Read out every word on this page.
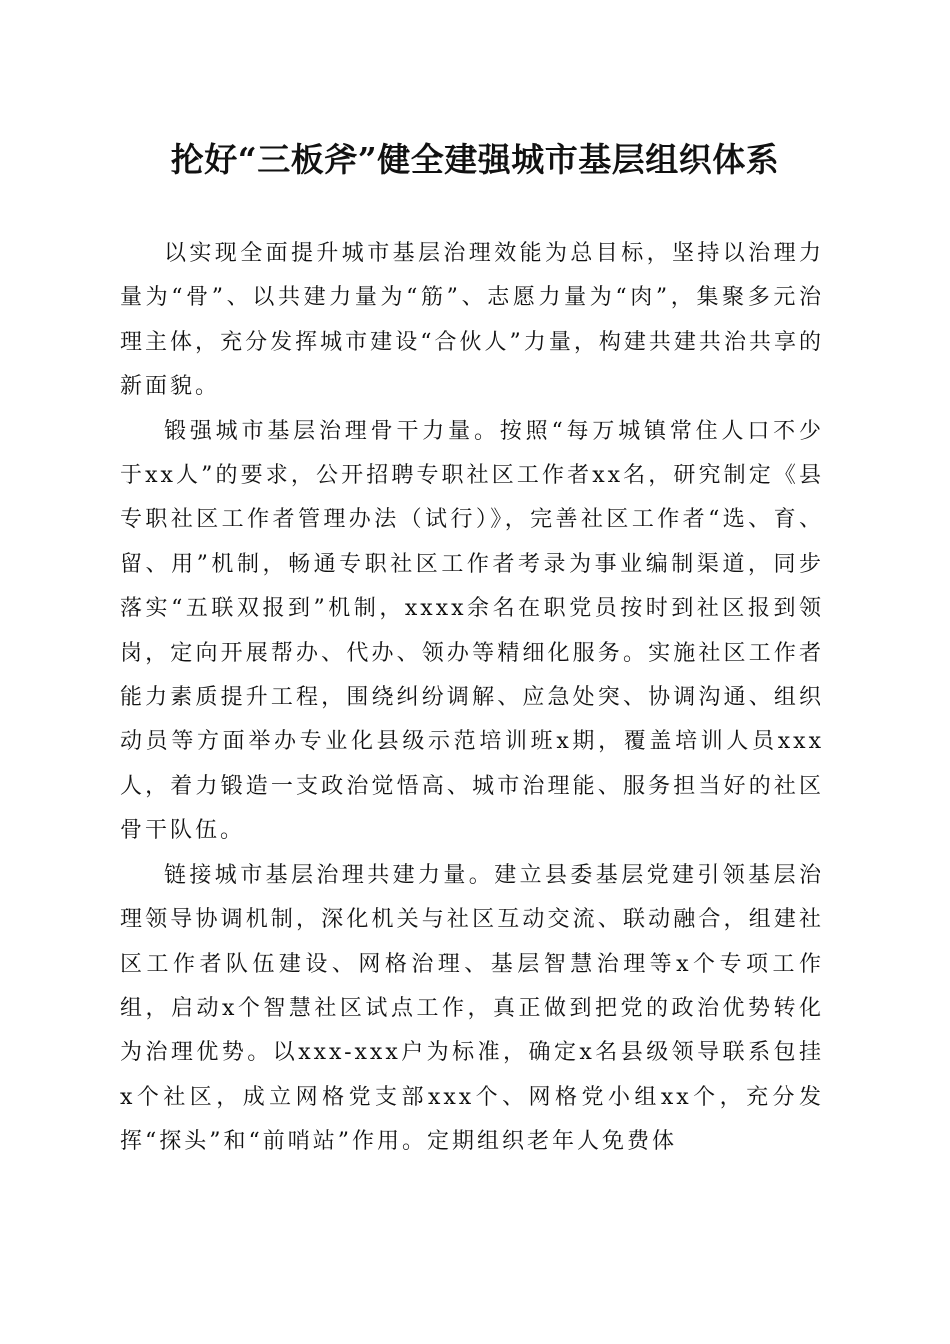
抡好“三板斧”健全建强城市基层组织体系

以实现全面提升城市基层治理效能为总目标，坚持以治理力量为“骨”、以共建力量为“筋”、志愿力量为“肉”，集聚多元治理主体，充分发挥城市建设“合伙人”力量，构建共建共治共享的新面貌。

锻强城市基层治理骨干力量。按照“每万城镇常住人口不少于xx人”的要求，公开招聘专职社区工作者xx名，研究制定《县专职社区工作者管理办法（试行）》，完善社区工作者“选、育、留、用”机制，畅通专职社区工作者考录为事业编制渠道，同步落实“五联双报到”机制，xxxx余名在职党员按时到社区报到领岗，定向开展帮办、代办、领办等精细化服务。实施社区工作者能力素质提升工程，围绕纠纷调解、应急处突、协调沟通、组织动员等方面举办专业化县级示范培训班x期，覆盖培训人员xxx人，着力锻造一支政治觉悟高、城市治理能、服务担当好的社区骨干队伍。

链接城市基层治理共建力量。建立县委基层党建引领基层治理领导协调机制，深化机关与社区互动交流、联动融合，组建社区工作者队伍建设、网格治理、基层智慧治理等x个专项工作组，启动x个智慧社区试点工作，真正做到把党的政治优势转化为治理优势。以xxx-xxx户为标准，确定x名县级领导联系包挂x个社区，成立网格党支部xxx个、网格党小组xx个，充分发挥“探头”和“前哨站”作用。定期组织老年人免费体
